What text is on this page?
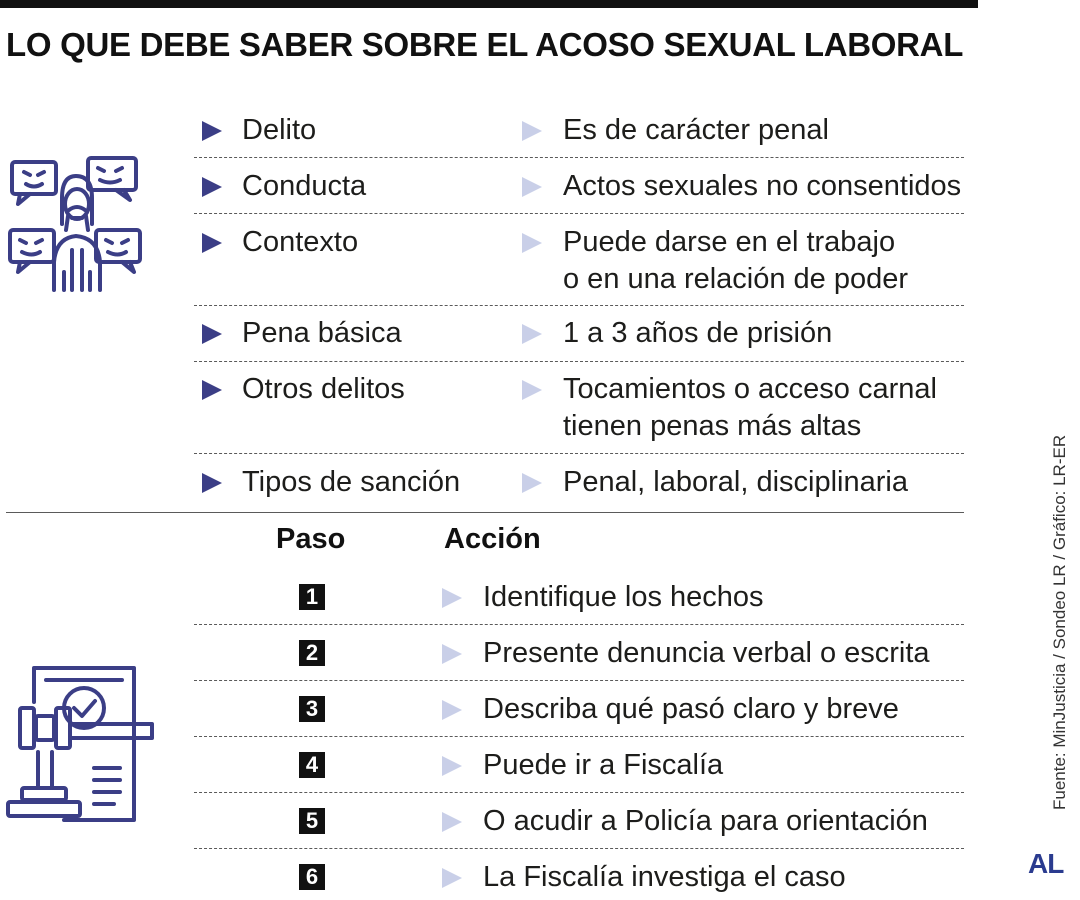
LO QUE DEBE SABER SOBRE EL ACOSO SEXUAL LABORAL
Delito	Es de carácter penal
Conducta	Actos sexuales no consentidos
Contexto	Puede darse en el trabajo
o en una relación de poder
Pena básica	1 a 3 años de prisión
Otros delitos	Tocamientos o acceso carnal
tienen penas más altas
Tipos de sanción	Penal, laboral, disciplinaria
Paso	Acción
1	Identifique los hechos
2	Presente denuncia verbal o escrita
3	Describa qué pasó claro y breve
4	Puede ir a Fiscalía
5	O acudir a Policía para orientación
6	La Fiscalía investiga el caso
Fuente: MinJusticia / Sondeo LR / Gráfico: LR-ER
AL
